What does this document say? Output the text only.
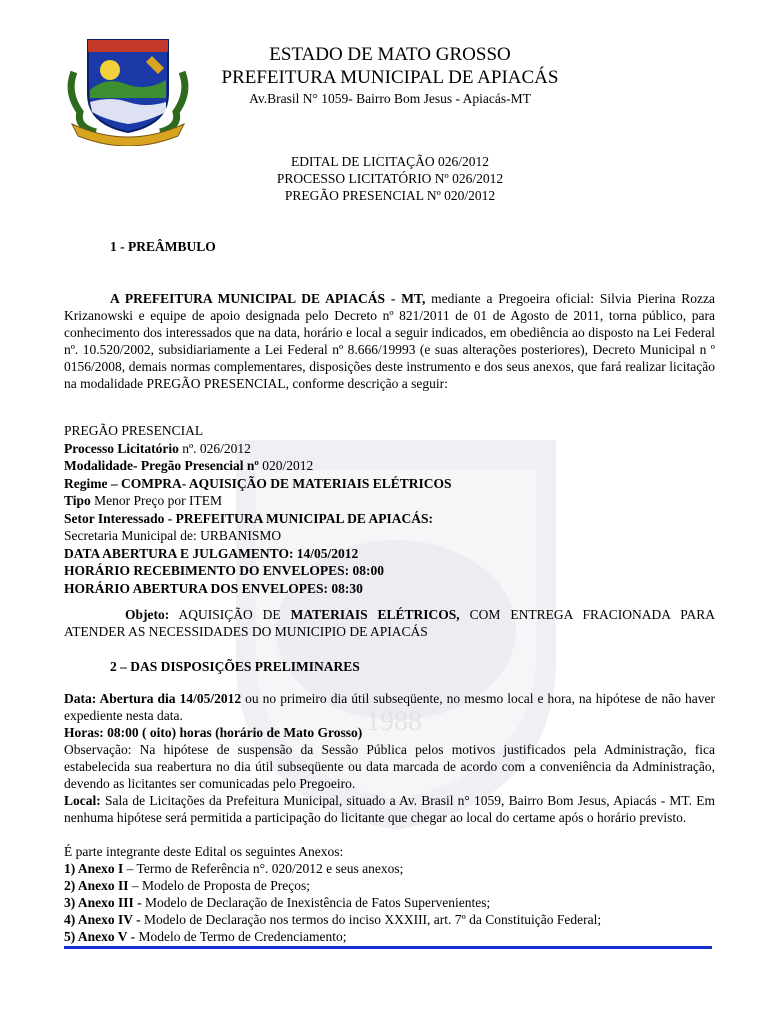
1988
ESTADO DE MATO GROSSO
PREFEITURA MUNICIPAL DE APIACÁS
Av.Brasil N° 1059- Bairro Bom Jesus - Apiacás-MT
EDITAL DE LICITAÇÃO 026/2012
PROCESSO LICITATÓRIO Nº 026/2012
PREGÃO PRESENCIAL Nº 020/2012
1 - PREÂMBULO
A PREFEITURA MUNICIPAL DE APIACÁS - MT, mediante a Pregoeira oficial: Silvia Pierina Rozza Krizanowski e equipe de apoio designada pelo Decreto nº 821/2011 de 01 de Agosto de 2011, torna público, para conhecimento dos interessados que na data, horário e local a seguir indicados, em obediência ao disposto na Lei Federal nº. 10.520/2002, subsidiariamente a Lei Federal nº 8.666/19993 (e suas alterações posteriores), Decreto Municipal n º 0156/2008, demais normas complementares, disposições deste instrumento e dos seus anexos, que fará realizar licitação na modalidade PREGÃO PRESENCIAL, conforme descrição a seguir:
PREGÃO PRESENCIAL
Processo Licitatório nº. 026/2012
Modalidade- Pregão Presencial nº 020/2012
Regime – COMPRA- AQUISIÇÃO DE MATERIAIS ELÉTRICOS
Tipo Menor Preço por ITEM
Setor Interessado - PREFEITURA MUNICIPAL DE APIACÁS:
Secretaria Municipal de: URBANISMO
DATA ABERTURA E JULGAMENTO: 14/05/2012
HORÁRIO RECEBIMENTO DO ENVELOPES: 08:00
HORÁRIO ABERTURA DOS ENVELOPES: 08:30
Objeto: AQUISIÇÃO DE MATERIAIS ELÉTRICOS, COM ENTREGA FRACIONADA PARA ATENDER AS NECESSIDADES DO MUNICIPIO DE APIACÁS
2 – DAS DISPOSIÇÕES PRELIMINARES
Data: Abertura dia 14/05/2012 ou no primeiro dia útil subseqüente, no mesmo local e hora, na hipótese de não haver expediente nesta data.
Horas: 08:00 ( oito) horas (horário de Mato Grosso)
Observação: Na hipótese de suspensão da Sessão Pública pelos motivos justificados pela Administração, fica estabelecida sua reabertura no dia útil subseqüente ou data marcada de acordo com a conveniência da Administração, devendo as licitantes ser comunicadas pelo Pregoeiro.
Local: Sala de Licitações da Prefeitura Municipal, situado a Av. Brasil n° 1059, Bairro Bom Jesus, Apiacás - MT. Em nenhuma hipótese será permitida a participação do licitante que chegar ao local do certame após o horário previsto.
É parte integrante deste Edital os seguintes Anexos:
1) Anexo I – Termo de Referência n°. 020/2012 e seus anexos;
2) Anexo II – Modelo de Proposta de Preços;
3) Anexo III - Modelo de Declaração de Inexistência de Fatos Supervenientes;
4) Anexo IV - Modelo de Declaração nos termos do inciso XXXIII, art. 7º da Constituição Federal;
5) Anexo V - Modelo de Termo de Credenciamento;
